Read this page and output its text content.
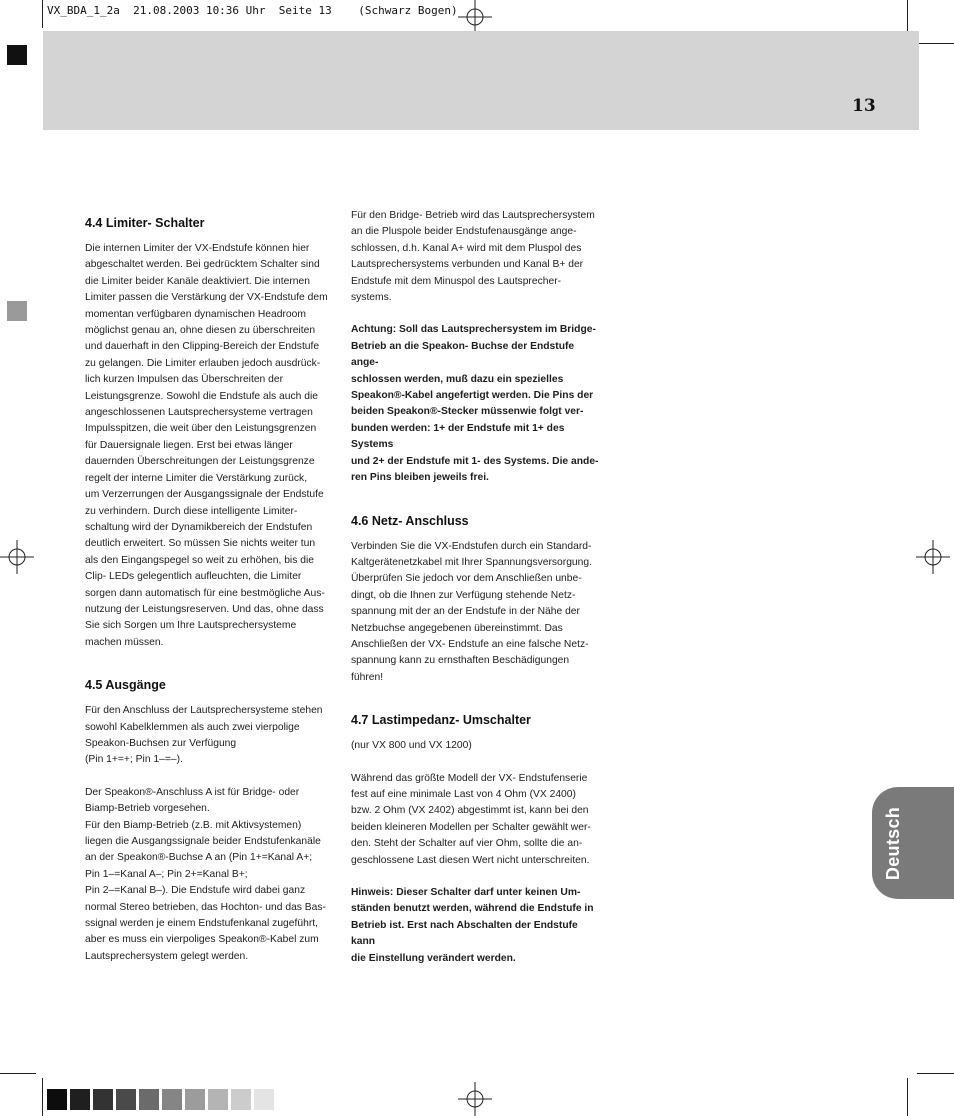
VX_BDA_1_2a  21.08.2003 10:36 Uhr  Seite 13    (Schwarz Bogen)
13
4.4 Limiter- Schalter
Die internen Limiter der VX-Endstufe können hier
abgeschaltet werden. Bei gedrücktem Schalter sind
die Limiter beider Kanäle deaktiviert. Die internen
Limiter passen die Verstärkung der VX-Endstufe dem
momentan verfügbaren dynamischen Headroom
möglichst genau an, ohne diesen zu überschreiten
und dauerhaft in den Clipping-Bereich der Endstufe
zu gelangen. Die Limiter erlauben jedoch ausdrück-
lich kurzen Impulsen das Überschreiten der
Leistungsgrenze. Sowohl die Endstufe als auch die
angeschlossenen Lautsprechersysteme vertragen
Impulsspitzen, die weit über den Leistungsgrenzen
für Dauersignale liegen. Erst bei etwas länger
dauernden Überschreitungen der Leistungsgrenze
regelt der interne Limiter die Verstärkung zurück,
um Verzerrungen der Ausgangssignale der Endstufe
zu verhindern. Durch diese intelligente Limiter-
schaltung wird der Dynamikbereich der Endstufen
deutlich erweitert. So müssen Sie nichts weiter tun
als den Eingangspegel so weit zu erhöhen, bis die
Clip- LEDs gelegentlich aufleuchten, die Limiter
sorgen dann automatisch für eine bestmögliche Aus-
nutzung der Leistungsreserven. Und das, ohne dass
Sie sich Sorgen um Ihre Lautsprechersysteme
machen müssen.
4.5 Ausgänge
Für den Anschluss der Lautsprechersysteme stehen
sowohl Kabelklemmen als auch zwei vierpolige
Speakon-Buchsen zur Verfügung
(Pin 1+=+; Pin 1–=–).
Der Speakon®-Anschluss A ist für Bridge- oder
Biamp-Betrieb vorgesehen.
Für den Biamp-Betrieb (z.B. mit Aktivsystemen)
liegen die Ausgangssignale beider Endstufenkanäle
an der Speakon®-Buchse A an (Pin 1+=Kanal A+;
Pin 1–=Kanal A–; Pin 2+=Kanal B+;
Pin 2–=Kanal B–). Die Endstufe wird dabei ganz
normal Stereo betrieben, das Hochton- und das Bas-
ssignal werden je einem Endstufenkanal zugeführt,
aber es muss ein vierpoliges Speakon®-Kabel zum
Lautsprechersystem gelegt werden.
Für den Bridge- Betrieb wird das Lautsprechersystem
an die Pluspole beider Endstufenausgänge ange-
schlossen, d.h. Kanal A+ wird mit dem Pluspol des
Lautsprechersystems verbunden und Kanal B+ der
Endstufe mit dem Minuspol des Lautsprecher-
systems.
Achtung: Soll das Lautsprechersystem im Bridge-
Betrieb an die Speakon- Buchse der Endstufe ange-
schlossen werden, muß dazu ein spezielles
Speakon®-Kabel angefertigt werden. Die Pins der
beiden Speakon®-Stecker müssenwie folgt ver-
bunden werden: 1+ der Endstufe mit 1+ des Systems
und 2+ der Endstufe mit 1- des Systems. Die ande-
ren Pins bleiben jeweils frei.
4.6 Netz- Anschluss
Verbinden Sie die VX-Endstufen durch ein Standard-
Kaltgerätenetzkabel mit Ihrer Spannungsversorgung.
Überprüfen Sie jedoch vor dem Anschließen unbe-
dingt, ob die Ihnen zur Verfügung stehende Netz-
spannung mit der an der Endstufe in der Nähe der
Netzbuchse angegebenen übereinstimmt. Das
Anschließen der VX- Endstufe an eine falsche Netz-
spannung kann zu ernsthaften Beschädigungen
führen!
4.7 Lastimpedanz- Umschalter
(nur VX 800 und VX 1200)
Während das größte Modell der VX- Endstufenserie
fest auf eine minimale Last von 4 Ohm (VX 2400)
bzw. 2 Ohm (VX 2402) abgestimmt ist, kann bei den
beiden kleineren Modellen per Schalter gewählt wer-
den. Steht der Schalter auf vier Ohm, sollte die an-
geschlossene Last diesen Wert nicht unterschreiten.
Hinweis: Dieser Schalter darf unter keinen Um-
ständen benutzt werden, während die Endstufe in
Betrieb ist. Erst nach Abschalten der Endstufe kann
die Einstellung verändert werden.
Deutsch
